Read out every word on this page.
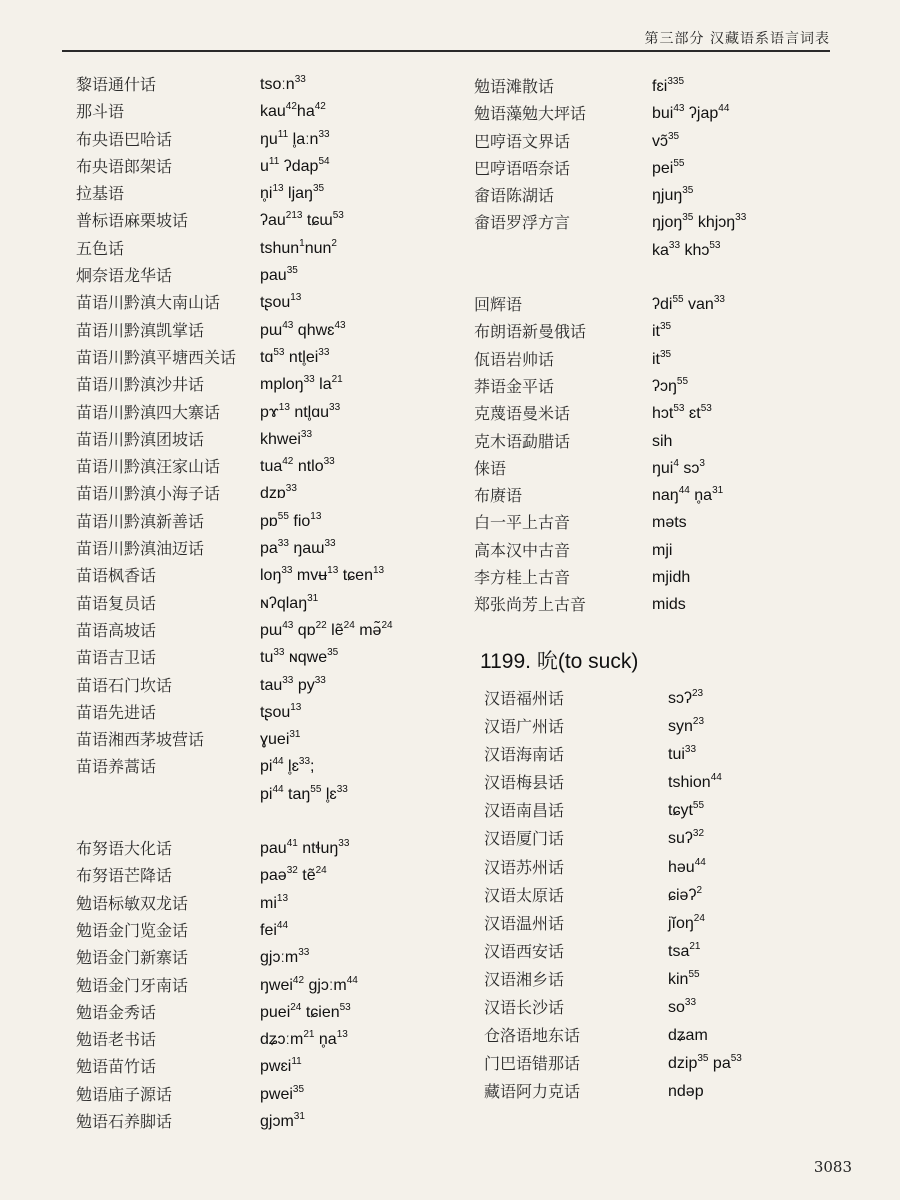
第三部分 汉藏语系语言词表
黎语通什话	tsoːn$^{33}$
那斗语	$kau^{42}ha^{42}$
布央语巴哈话	$ŋu^{11}$ l̥aːn$^{33}$
布央语郎架话	$u^{11}$ ʔdap$^{54}$
拉基语	$n̥i^{13}$ ljaŋ$^{35}$
普标语麻栗坡话	ʔau$^{213}$ tɕɯ$^{53}$
五色话	tshun$^1$nun$^2$
炯奈语龙华话	pau$^{35}$
苗语川黔滇大南山话 tʂou$^{13}$
苗语川黔滇凯掌话	pɯ$^{43}$ qhwɛ$^{43}$
苗语川黔滇平塘西关话 tɑ$^{53}$ $ntl̥ei^{33}$
苗语川黔滇沙井话	mploŋ$^{33}$ $la^{21}$
苗语川黔滇四大寨话 pɤ$^{13}$ ntl̥ɑu$^{33}$
苗语川黔滇团坡话	khwei$^{33}$
苗语川黔滇汪家山话 tua$^{42}$ ntlo$^{33}$
苗语川黔滇小海子话 dzɒ$^{33}$
苗语川黔滇新善话	pɒ$^{55}$ fio$^{13}$
苗语川黔滇油迈话	$pa^{33}$ ŋaɯ$^{33}$
苗语枫香话	loŋ$^{33}$ mvʉ$^{13}$ tɕen$^{13}$
苗语复员话	ɴʔqlaŋ$^{31}$
苗语高坡话	pɯ$^{43}$ qɒ$^{22}$ lẽ$^{24}$ mə̃$^{24}$
苗语吉卫话	$tu^{33}$ ɴqwe$^{35}$
苗语石门坎话	tau$^{33}$ $py^{33}$
苗语先进话	tʂou$^{13}$
苗语湘西茅坡营话	ɣuei$^{31}$
苗语养蒿话	$pi^{44}$ l̥ɛ$^{33}$;
$pi^{44}$ taŋ$^{55}$ l̥ɛ$^{33}$
布努语大化话	pau$^{41}$ ntɬuŋ$^{33}$
布努语芒降话	paə$^{32}$ tẽ$^{24}$
勉语标敏双龙话	$mi^{13}$
勉语金门览金话	fei$^{44}$
勉语金门新寨话	gjɔːm$^{33}$
勉语金门牙南话	ŋwei$^{42}$ gjɔːm$^{44}$
勉语金秀话	puei$^{24}$ tɕien$^{53}$
勉语老书话	dʑɔːm$^{21}$ $n̥a^{13}$
勉语苗竹话	pwɛi$^{11}$
勉语庙子源话	pwei$^{35}$
勉语石养脚话	gjɔm$^{31}$
勉语滩散话	fɛi$^{335}$
勉语藻勉大坪话	bui$^{43}$ ʔjap$^{44}$
巴哼语文界话	vɔ̃$^{35}$
巴哼语唔奈话	pei$^{55}$
畲语陈湖话	ŋjuŋ$^{35}$
畲语罗浮方言	ŋjoŋ$^{35}$ khjɔŋ$^{33}$
$ka^{33}$ khɔ$^{53}$
回辉语	ʔdi$^{55}$ van$^{33}$
布朗语新曼俄话	$it^{35}$
佤语岩帅话	$it^{35}$
莽语金平话	ʔɔŋ$^{55}$
克蔑语曼米话	hɔt$^{53}$ ɛt$^{53}$
克木语勐腊话	sih
俫语	ŋui$^4$ sɔ$^3$
布赓语	naŋ$^{44}$ $n̥a^{31}$
白一平上古音	məts
高本汉中古音	mji
李方桂上古音	mjidh
郑张尚芳上古音	mids
1199. 吮(to suck)
汉语福州话	sɔʔ$^{23}$
汉语广州话	syn$^{23}$
汉语海南话	tui$^{33}$
汉语梅县话	tshion$^{44}$
汉语南昌话	tɕyt$^{55}$
汉语厦门话	suʔ$^{32}$
汉语苏州话	həu$^{44}$
汉语太原话	ɕiəʔ$^2$
汉语温州话	jĭoŋ$^{24}$
汉语西安话	tsa$^{21}$
汉语湘乡话	kin$^{55}$
汉语长沙话	$so^{33}$
仓洛语地东话	dʑam
门巴语错那话	dzip$^{35}$ $pa^{53}$
藏语阿力克话	ndəp
3083
